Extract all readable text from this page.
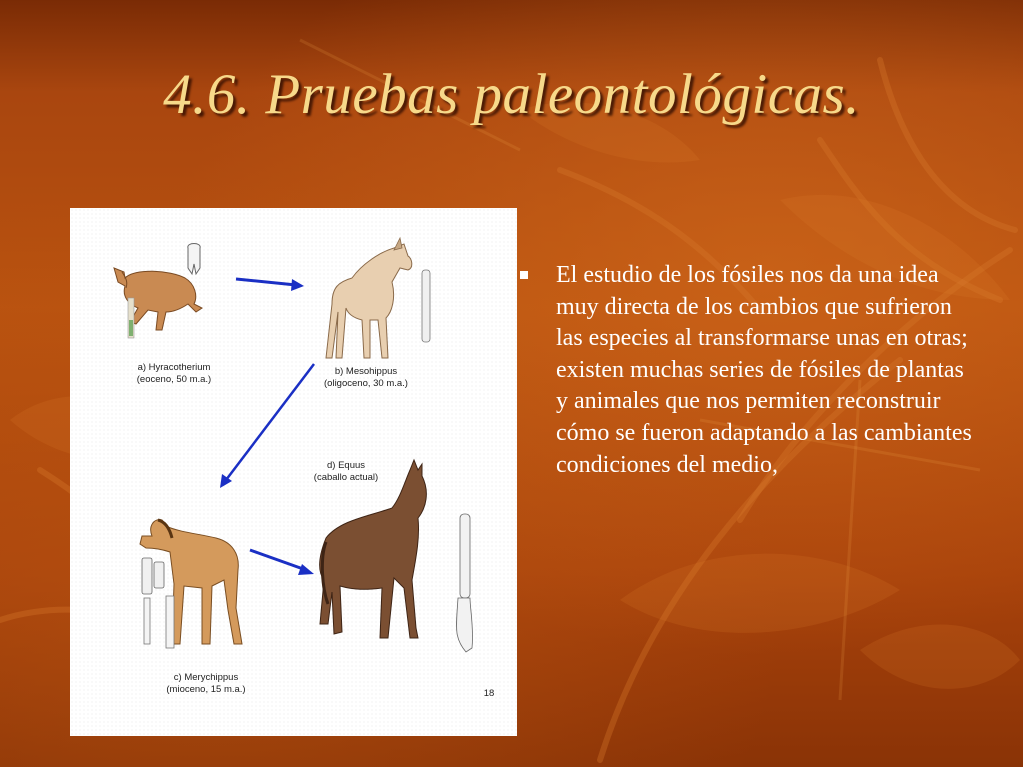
4.6. Pruebas paleontológicas.
a) Hyracotherium
(eoceno, 50 m.a.)
b) Mesohippus
(oligoceno, 30 m.a.)
d) Equus
(caballo actual)
c) Merychippus
(mioceno, 15 m.a.)	18
El estudio de los fósiles nos da una idea muy directa de los cambios que sufrieron las especies al transformarse unas en otras; existen muchas series de fósiles de plantas y animales que nos permiten reconstruir cómo se fueron adaptando a las cambiantes condiciones del medio,
